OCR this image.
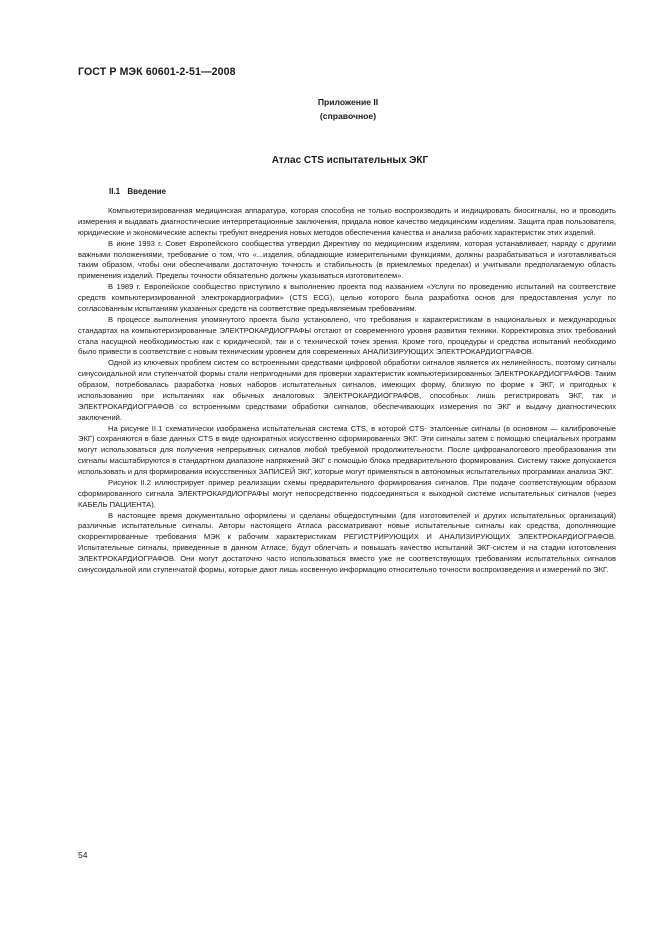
ГОСТ Р МЭК 60601-2-51—2008
Приложение II
(справочное)
Атлас CTS испытательных ЭКГ
II.1 Введение

Компьютеризированная медицинская аппаратура, которая способна не только воспроизводить и индицировать биосигналы, но и проводить измерения и выдавать диагностические интерпретационные заключения, придала новое качество медицинским изделиям. Защита прав пользователя, юридические и экономические аспекты требуют внедрения новых методов обеспечения качества и анализа рабочих характеристик этих изделий.

В июне 1993 г. Совет Европейского сообщества утвердил Директиву по медицинским изделиям, которая устанавливает, наряду с другими важными положениями, требование о том, что «...изделия, обладающие измерительными функциями, должны разрабатываться и изготавливаться таким образом, чтобы они обеспечивали достаточную точность и стабильность (в приемлемых пределах) и учитывали предполагаемую область применения изделий. Пределы точности обязательно должны указываться изготовителем».

В 1989 г. Европейское сообщество приступило к выполнению проекта под названием «Услуги по проведению испытаний на соответствие средств компьютеризированной электрокардиографии» (CTS ECG), целью которого была разработка основ для предоставления услуг по согласованным испытаниям указанных средств на соответствие предъявляемым требованиям.

В процессе выполнения упомянутого проекта было установлено, что требования к характеристикам в национальных и международных стандартах на компьютеризированные ЭЛЕКТРОКАРДИОГРАФЫ отстают от современного уровня развития техники. Корректировка этих требований стала насущной необходимостью как с юридической, так и с технической точек зрения. Кроме того, процедуры и средства испытаний необходимо было привести в соответствие с новым техническим уровнем для современных АНАЛИЗИРУЮЩИХ ЭЛЕКТРОКАРДИОГРАФОВ.

Одной из ключевых проблем систем со встроенными средствами цифровой обработки сигналов является их нелинейность, поэтому сигналы синусоидальной или ступенчатой формы стали непригодными для проверки характеристик компьютеризированных ЭЛЕКТРОКАРДИОГРАФОВ. Таким образом, потребовалась разработка новых наборов испытательных сигналов, имеющих форму, близкую по форме к ЭКГ, и пригодных к использованию при испытаниях как обычных аналоговых ЭЛЕКТРОКАРДИОГРАФОВ, способных лишь регистрировать ЭКГ, так и ЭЛЕКТРОКАРДИОГРАФОВ со встроенными средствами обработки сигналов, обеспечивающих измерения по ЭКГ и выдачу диагностических заключений.

На рисунке II.1 схематически изображена испытательная система CTS, в которой CTS- эталонные сигналы (в основном — калибровочные ЭКГ) сохраняются в базе данных CTS в виде однократных искусственно сформированных ЭКГ. Эти сигналы затем с помощью специальных программ могут использоваться для получения непрерывных сигналов любой требуемой продолжительности. После цифроаналогового преобразования эти сигналы масштабируются в стандартном диапазоне напряжений ЭКГ с помощью блока предварительного формирования. Систему также допускается использовать и для формирования искусственных ЗАПИСЕЙ ЭКГ, которые могут применяться в автономных испытательных программах анализа ЭКГ.

Рисунок II.2 иллюстрирует пример реализации схемы предварительного формирования сигналов. При подаче соответствующим образом сформированного сигнала ЭЛЕКТРОКАРДИОГРАФЫ могут непосредственно подсоединяться к выходной системе испытательных сигналов (через КАБЕЛЬ ПАЦИЕНТА).

В настоящее время документально оформлены и сделаны общедоступными (для изготовителей и других испытательных организаций) различные испытательные сигналы. Авторы настоящего Атласа рассматривают новые испытательные сигналы как средства, дополняющие скорректированные требования МЭК к рабочим характеристикам РЕГИСТРИРУЮЩИХ И АНАЛИЗИРУЮЩИХ ЭЛЕКТРОКАРДИОГРАФОВ. Испытательные сигналы, приведенные в данном Атласе, будут облегчать и повышать качество испытаний ЭКГ-систем и на стадии изготовления ЭЛЕКТРОКАРДИОГРАФОВ. Они могут достаточно часто использоваться вместо уже не соответствующих требованиям испытательных сигналов синусоидальной или ступенчатой формы, которые дают лишь косвенную информацию относительно точности воспроизведения и измерений по ЭКГ.

54
